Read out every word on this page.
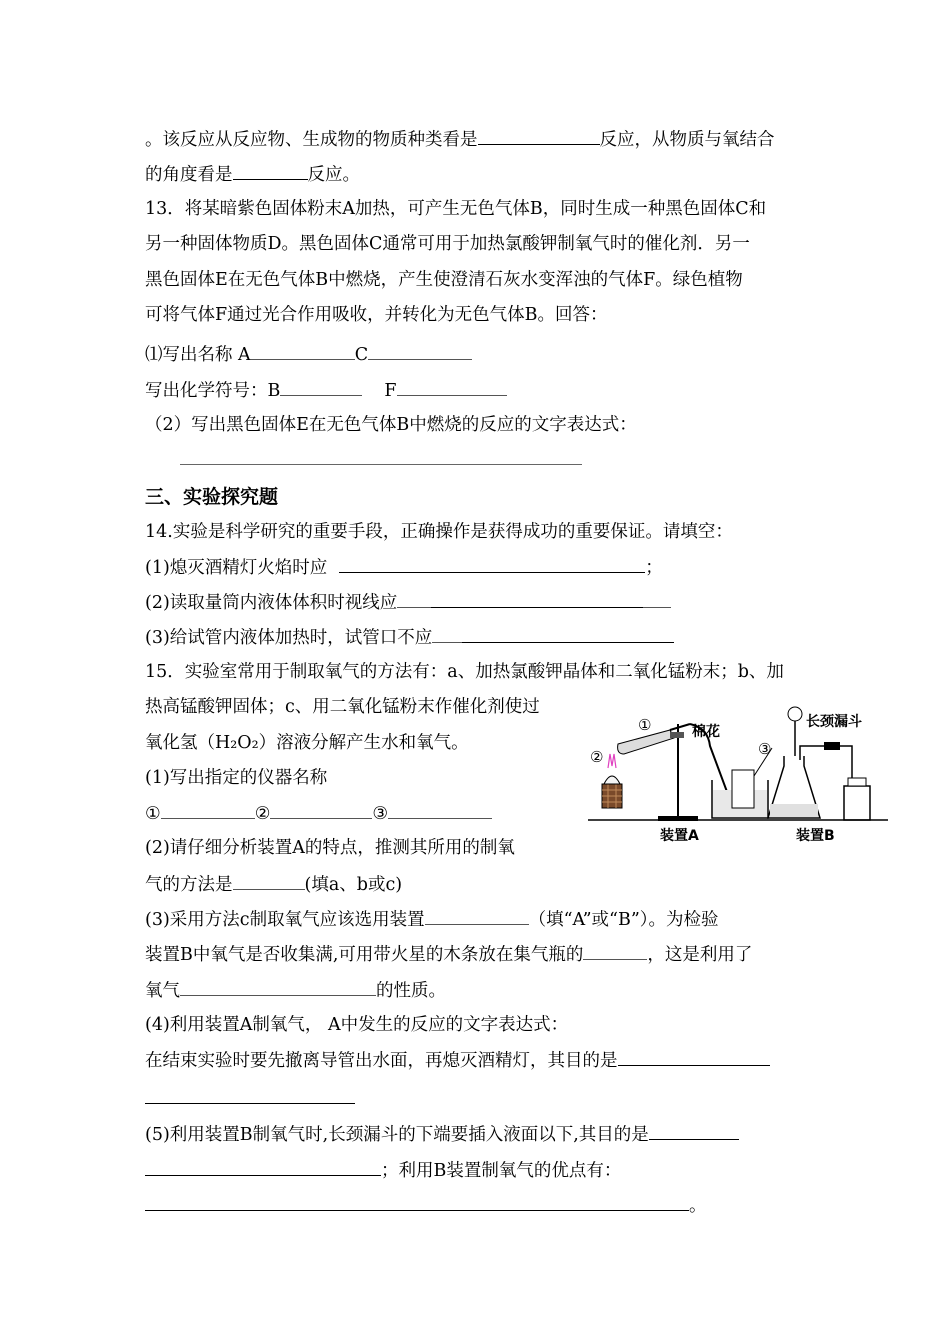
。该反应从反应物、生成物的物质种类看是	反应，从物质与氧结合
的角度看是	反应。
13．将某暗紫色固体粉末A加热，可产生无色气体B，同时生成一种黑色固体C和
另一种固体物质D。黑色固体C通常可用于加热氯酸钾制氧气时的催化剂．另一
黑色固体E在无色气体B中燃烧，产生使澄清石灰水变浑浊的气体F。绿色植物
可将气体F通过光合作用吸收，并转化为无色气体B。回答：
⑴写出名称 A	C
写出化学符号：B	F
（2）写出黑色固体E在无色气体B中燃烧的反应的文字表达式：
三、实验探究题
14.实验是科学研究的重要手段，正确操作是获得成功的重要保证。请填空：
(1)熄灭酒精灯火焰时应	；
(2)读取量筒内液体体积时视线应
(3)给试管内液体加热时，试管口不应
15．实验室常用于制取氧气的方法有：a、加热氯酸钾晶体和二氧化锰粉末；b、加
热高锰酸钾固体；c、用二氧化锰粉末作催化剂使过
氧化氢（H₂O₂）溶液分解产生水和氧气。
(1)写出指定的仪器名称
①	②	③
(2)请仔细分析装置A的特点，推测其所用的制氧
气的方法是	(填a、b或c)
(3)采用方法c制取氧气应该选用装置	（填“A”或“B”）。为检验
装置B中氧气是否收集满,可用带火星的木条放在集气瓶的	，这是利用了
氧气	的性质。
(4)利用装置A制氧气， A中发生的反应的文字表达式：
在结束实验时要先撤离导管出水面，再熄灭酒精灯，其目的是
(5)利用装置B制氧气时,长颈漏斗的下端要插入液面以下,其目的是
；利用B装置制氧气的优点有：
。
①
②	③
棉花
长颈漏斗
装置A	装置B
